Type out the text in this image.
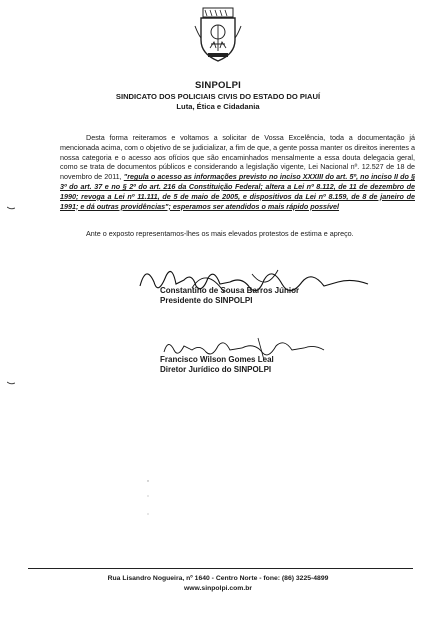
SINPOLPI
SINDICATO DOS POLICIAIS CIVIS DO ESTADO DO PIAUÍ
Luta, Ética e Cidadania
Desta forma reiteramos e voltamos a solicitar de Vossa Excelência, toda a documentação já mencionada acima, com o objetivo de se judicializar, a fim de que, a gente possa manter os direitos inerentes a nossa categoria e o acesso aos ofícios que são encaminhados mensalmente a essa douta delegacia geral, como se trata de documentos públicos e considerando a legislação vigente, Lei Nacional nº. 12.527 de 18 de novembro de 2011, "regula o acesso as informações previsto no inciso XXXIII do art. 5º, no inciso II do § 3º do art. 37 e no § 2º do art. 216 da Constituição Federal; altera a Lei nº 8.112, de 11 de dezembro de 1990; revoga a Lei nº 11.111, de 5 de maio de 2005, e dispositivos da Lei nº 8.159, de 8 de janeiro de 1991; e dá outras providências"; esperamos ser atendidos o mais rápido possível
Ante o exposto representamos-lhes os mais elevados protestos de estima e apreço.
Constantino de Sousa Barros Júnior
Presidente do SINPOLPI
Francisco Wilson Gomes Leal
Diretor Jurídico do SINPOLPI
Rua Lisandro Nogueira, nº 1640 - Centro Norte - fone: (86) 3225-4899
www.sinpolpi.com.br
